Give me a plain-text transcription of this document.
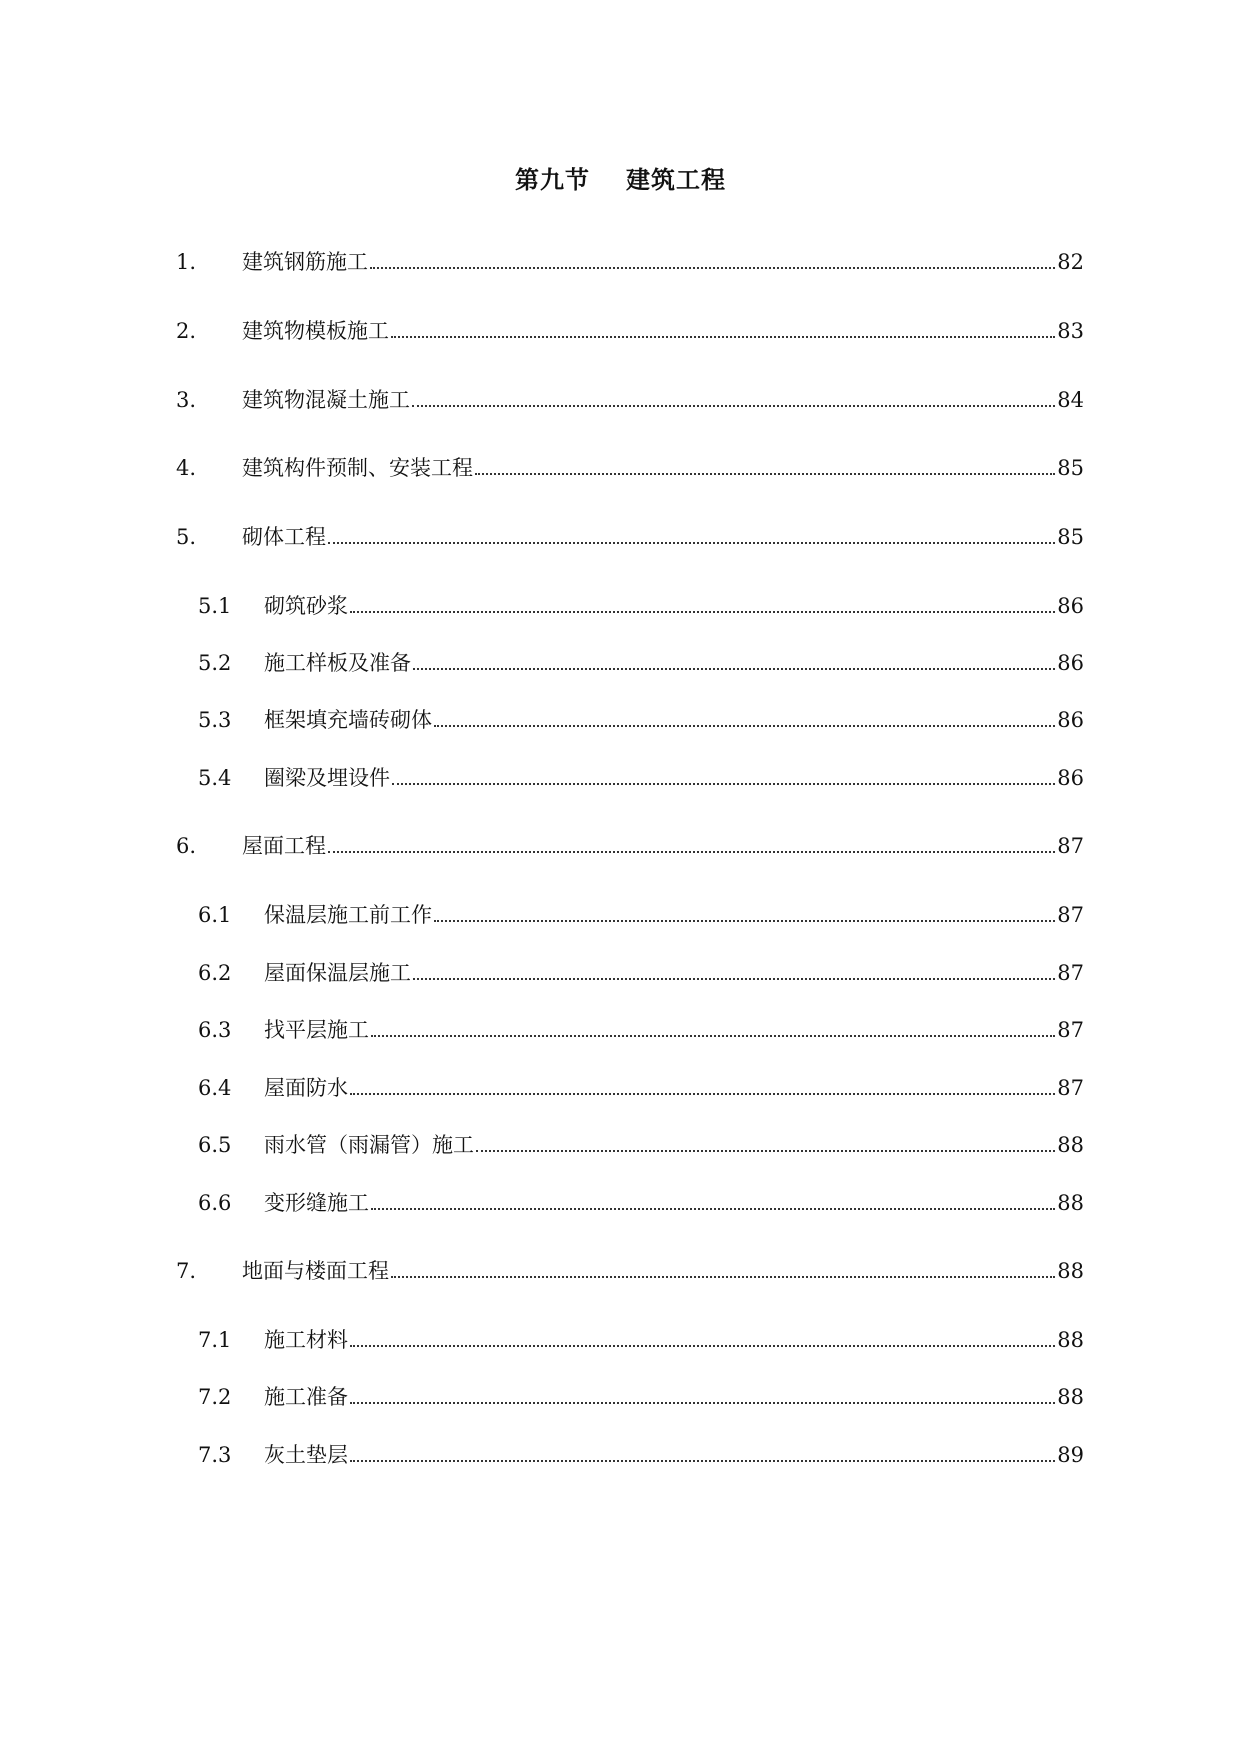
第九节 建筑工程
1.	建筑钢筋施工	82
2.	建筑物模板施工	83
3.	建筑物混凝土施工	84
4.	建筑构件预制、安装工程	85
5.	砌体工程	85
5.1	砌筑砂浆	86
5.2	施工样板及准备	86
5.3	框架填充墙砖砌体	86
5.4	圈梁及埋设件	86
6.	屋面工程	87
6.1	保温层施工前工作	87
6.2	屋面保温层施工	87
6.3	找平层施工	87
6.4	屋面防水	87
6.5	雨水管（雨漏管）施工	88
6.6	变形缝施工	88
7.	地面与楼面工程	88
7.1	施工材料	88
7.2	施工准备	88
7.3	灰土垫层	89
